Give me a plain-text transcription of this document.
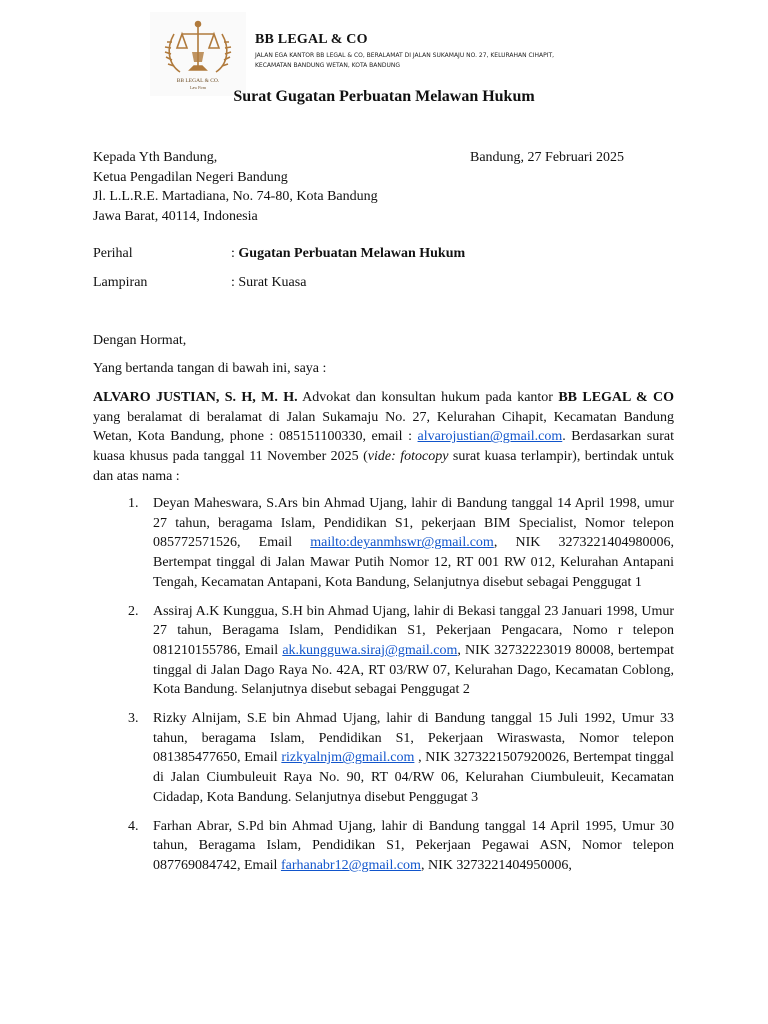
BB LEGAL & CO.
Law Firm
BB LEGAL & CO
JALAN EGA KANTOR BB LEGAL & CO, BERALAMAT DI JALAN SUKAMAJU NO. 27, KELURAHAN CIHAPIT,
KECAMATAN BANDUNG WETAN, KOTA BANDUNG
Surat Gugatan Perbuatan Melawan Hukum
Kepada Yth Bandung,
Ketua Pengadilan Negeri Bandung
Jl. L.L.R.E. Martadiana, No. 74-80, Kota Bandung
Jawa Barat, 40114, Indonesia
Bandung, 27 Februari 2025
Perihal	: Gugatan Perbuatan Melawan Hukum
Lampiran	: Surat Kuasa
Dengan Hormat,
Yang bertanda tangan di bawah ini, saya :
ALVARO JUSTIAN, S. H, M. H. Advokat dan konsultan hukum pada kantor BB LEGAL & CO yang beralamat di beralamat di Jalan Sukamaju No. 27, Kelurahan Cihapit, Kecamatan Bandung Wetan, Kota Bandung, phone : 085151100330, email : alvarojustian@gmail.com. Berdasarkan surat kuasa khusus pada tanggal 11 November 2025 (vide: fotocopy surat kuasa terlampir), bertindak untuk dan atas nama :
1. Deyan Maheswara, S.Ars bin Ahmad Ujang, lahir di Bandung tanggal 14 April 1998, umur 27 tahun, beragama Islam, Pendidikan S1, pekerjaan BIM Specialist, Nomor telepon 085772571526, Email mailto:deyanmhswr@gmail.com, NIK 3273221404980006, Bertempat tinggal di Jalan Mawar Putih Nomor 12, RT 001 RW 012, Kelurahan Antapani Tengah, Kecamatan Antapani, Kota Bandung, Selanjutnya disebut sebagai Penggugat 1
2. Assiraj A.K Kunggua, S.H bin Ahmad Ujang, lahir di Bekasi tanggal 23 Januari 1998, Umur 27 tahun, Beragama Islam, Pendidikan S1, Pekerjaan Pengacara, Nomo r telepon 081210155786, Email ak.kungguwa.siraj@gmail.com, NIK 32732223019 80008, bertempat tinggal di Jalan Dago Raya No. 42A, RT 03/RW 07, Kelurahan Dago, Kecamatan Coblong, Kota Bandung. Selanjutnya disebut sebagai Penggugat 2
3. Rizky Alnijam, S.E bin Ahmad Ujang, lahir di Bandung tanggal 15 Juli 1992, Umur 33 tahun, beragama Islam, Pendidikan S1, Pekerjaan Wiraswasta, Nomor telepon 081385477650, Email rizkyalnjm@gmail.com , NIK 3273221507920026, Bertempat tinggal di Jalan Ciumbuleuit Raya No. 90, RT 04/RW 06, Kelurahan Ciumbuleuit, Kecamatan Cidadap, Kota Bandung. Selanjutnya disebut Penggugat 3
4. Farhan Abrar, S.Pd bin Ahmad Ujang, lahir di Bandung tanggal 14 April 1995, Umur 30 tahun, Beragama Islam, Pendidikan S1, Pekerjaan Pegawai ASN, Nomor telepon 087769084742, Email farhanabr12@gmail.com, NIK 3273221404950006,
